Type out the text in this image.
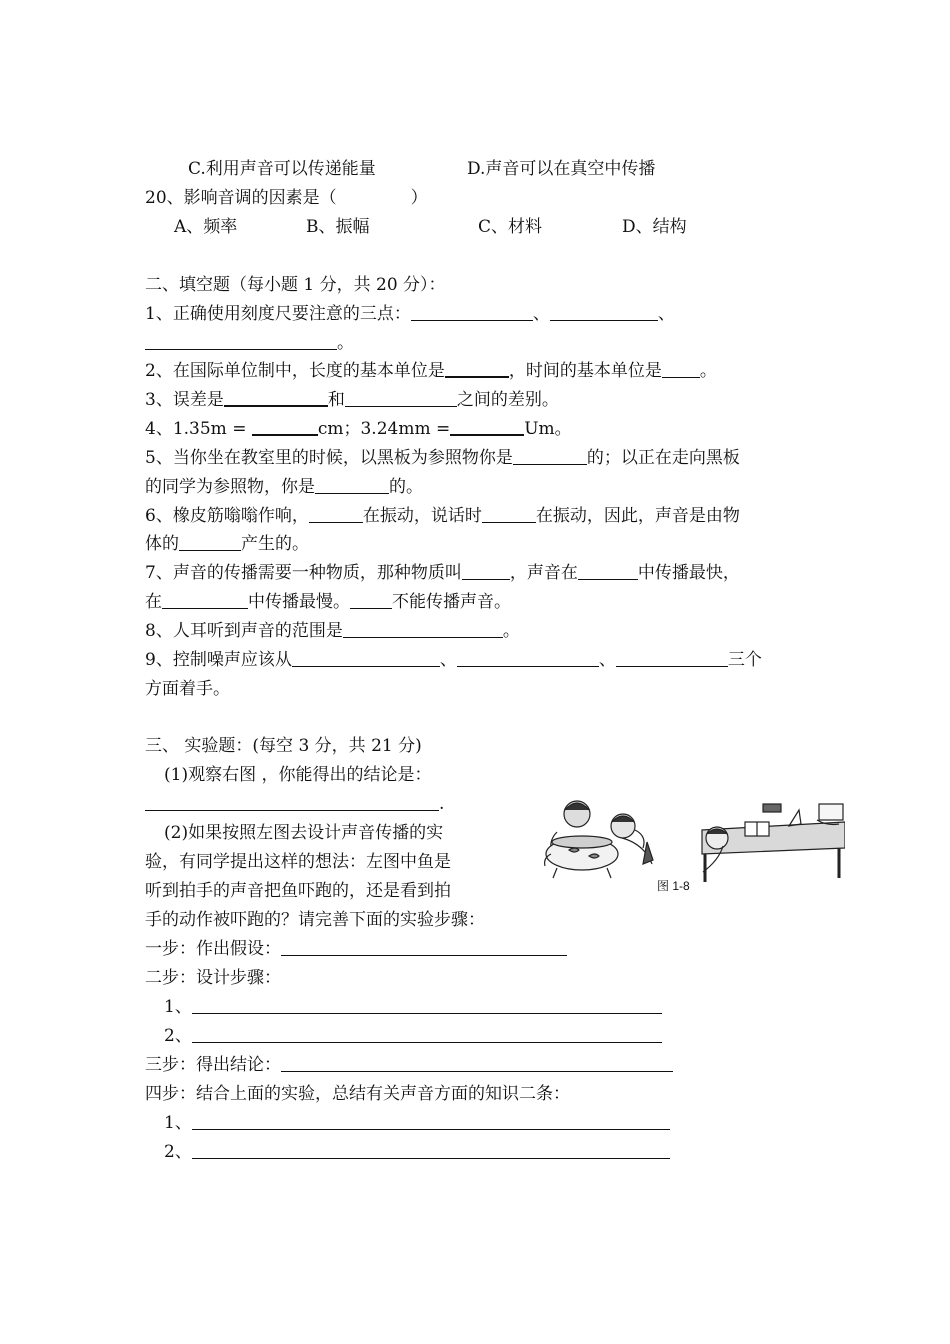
C.利用声音可以传递能量	D.声音可以在真空中传播
20、影响音调的因素是（	）
A、频率	B、振幅	C、材料	D、结构
二、填空题（每小题 1 分，共 20 分）：
1、正确使用刻度尺要注意的三点：	、	、
。
2、在国际单位制中，长度的基本单位是	，时间的基本单位是 。
3、误差是	和	之间的差别。
4、1.35m =	cm；3.24mm =	Um。
5、当你坐在教室里的时候，以黑板为参照物你是	的；以正在走向黑板
的同学为参照物，你是	的。
6、橡皮筋嗡嗡作响，	在振动，说话时	在振动，因此，声音是由物
体的	产生的。
7、声音的传播需要一种物质，那种物质叫	，声音在	中传播最快，
在	中传播最慢。 不能传播声音。
8、人耳听到声音的范围是	。
9、控制噪声应该从	、	、	三个
方面着手。
三、 实验题：(每空 3 分，共 21 分)
(1)观察右图 ，你能得出的结论是：
.
(2)如果按照左图去设计声音传播的实
验，有同学提出这样的想法：左图中鱼是
听到拍手的声音把鱼吓跑的，还是看到拍
手的动作被吓跑的？请完善下面的实验步骤：
图 1-8
一步：作出假设：
二步：设计步骤：
1、
2、
三步：得出结论：
四步：结合上面的实验，总结有关声音方面的知识二条：
1、
2、
